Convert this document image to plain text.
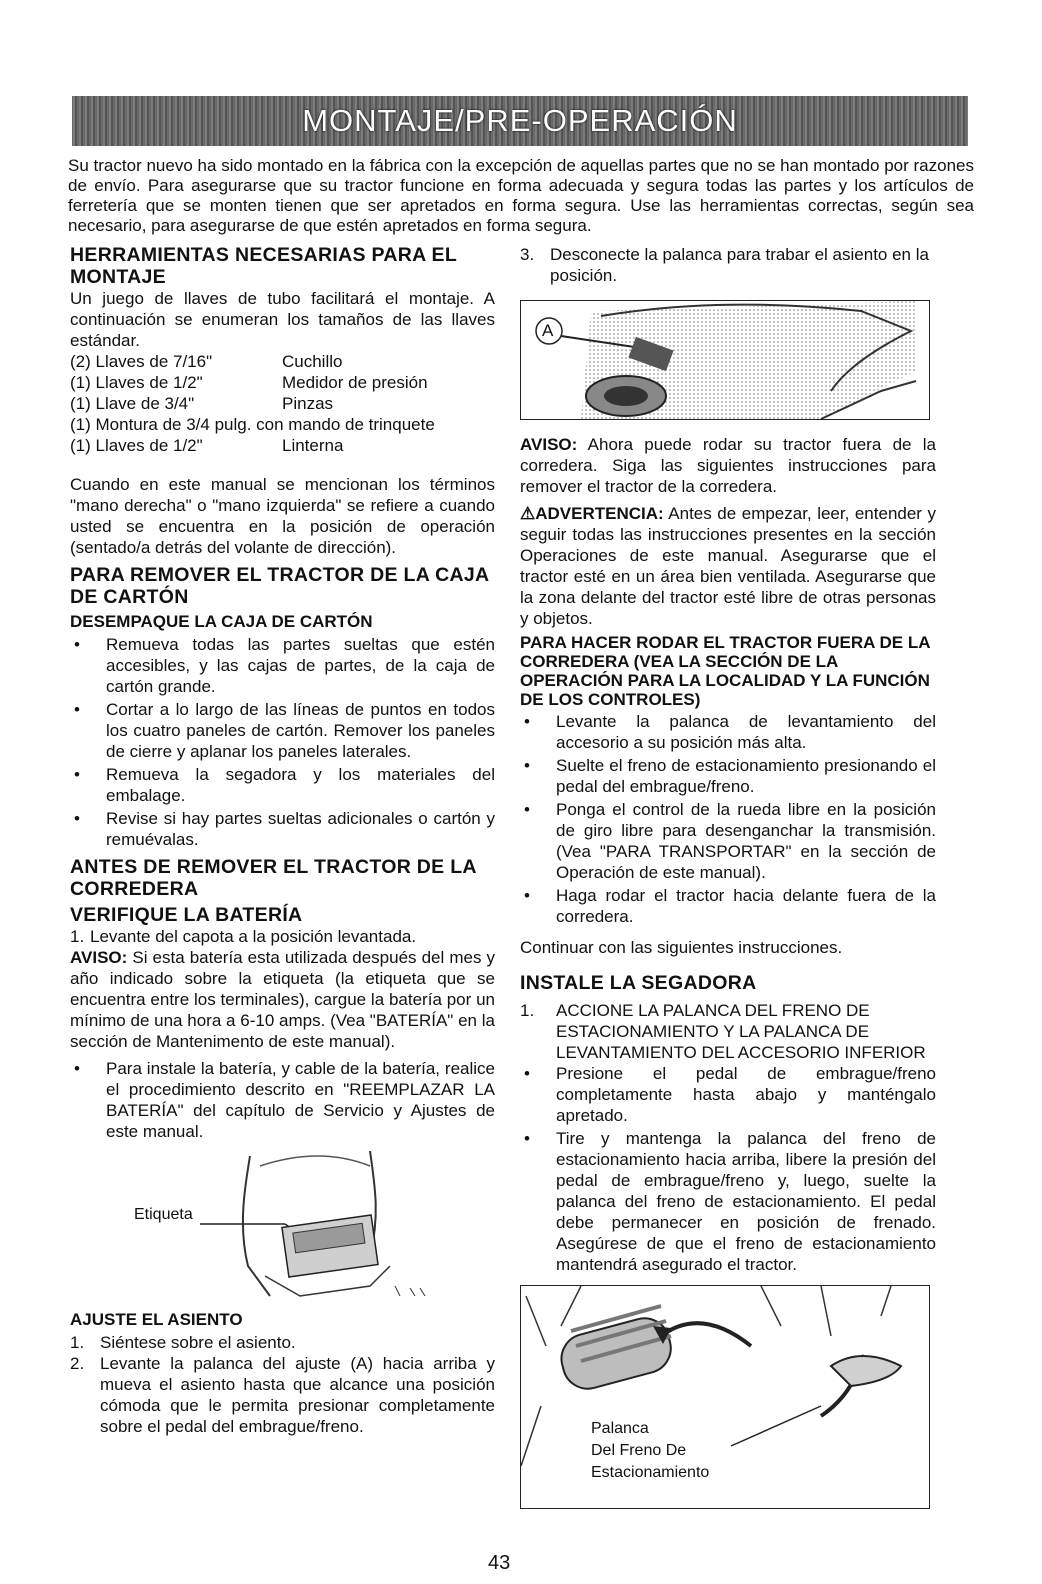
MONTAJE/PRE-OPERACIÓN

Su tractor nuevo ha sido montado en la fábrica con la excepción de aquellas partes que no se han montado por razones de envío. Para asegurarse que su tractor funcione en forma adecuada y segura todas las partes y los artículos de ferretería que se monten tienen que ser apretados en forma segura. Use las herramientas correctas, según sea necesario, para asegurarse de que estén apretados en forma segura.

HERRAMIENTAS NECESARIAS PARA EL MONTAJE

Un juego de llaves de tubo facilitará el montaje. A continuación se enumeran los tamaños de las llaves estándar.

(2) Llaves de 7/16"	Cuchillo
(1) Llaves de 1/2"	Medidor de presión
(1) Llave de 3/4"	Pinzas
(1) Montura de 3/4 pulg. con mando de trinquete	
(1) Llaves de 1/2"	Linterna

Cuando en este manual se mencionan los términos "mano derecha" o "mano izquierda" se refiere a cuando usted se encuentra en la posición de operación (sentado/a detrás del volante de dirección).

PARA REMOVER EL TRACTOR DE LA CAJA DE CARTÓN
DESEMPAQUE LA CAJA DE CARTÓN
• Remueva todas las partes sueltas que estén accesibles, y las cajas de partes, de la caja de cartón grande.
• Cortar a lo largo de las líneas de puntos en todos los cuatro paneles de cartón. Remover los paneles de cierre y aplanar los paneles laterales.
• Remueva la segadora y los materiales del embalage.
• Revise si hay partes sueltas adicionales o cartón y remuévalas.
ANTES DE REMOVER EL TRACTOR DE LA CORREDERA
VERIFIQUE LA BATERÍA
1. Levante del capota a la posición levantada.

AVISO: Si esta batería esta utilizada después del mes y año indicado sobre la etiqueta (la etiqueta que se encuentra entre los terminales), cargue la batería por un mínimo de una hora a 6-10 amps. (Vea "BATERÍA" en la sección de Mantenimento de este manual).

• Para instale la batería, y cable de la batería, realice el procedimiento descrito en "REEMPLAZAR LA BATERÍA" del capítulo de Servicio y Ajustes de este manual.
Etiqueta
AJUSTE EL ASIENTO
1. Siéntese sobre el asiento.
2. Levante la palanca del ajuste (A) hacia arriba y mueva el asiento hasta que alcance una posición cómoda que le permita presionar completamente sobre el pedal del embrague/freno.
3. Desconecte la palanca para trabar el asiento en la posición.
A

AVISO: Ahora puede rodar su tractor fuera de la corredera. Siga las siguientes instrucciones para remover el tractor de la corredera.

⚠ADVERTENCIA: Antes de empezar, leer, entender y seguir todas las instrucciones presentes en la sección Operaciones de este manual. Asegurarse que el tractor esté en un área bien ventilada. Asegurarse que la zona delante del tractor esté libre de otras personas y objetos.

PARA HACER RODAR EL TRACTOR FUERA DE LA CORREDERA (VEA LA SECCIÓN DE LA OPERACIÓN PARA LA LOCALIDAD Y LA FUNCIÓN DE LOS CONTROLES)
• Levante la palanca de levantamiento del accesorio a su posición más alta.
• Suelte el freno de estacionamiento presionando el pedal del embrague/freno.
• Ponga el control de la rueda libre en la posición de giro libre para desenganchar la transmisión. (Vea "PARA TRANSPORTAR" en la sección de Operación de este manual).
• Haga rodar el tractor hacia delante fuera de la corredera.

Continuar con las siguientes instrucciones.

INSTALE LA SEGADORA
1. ACCIONE LA PALANCA DEL FRENO DE ESTACIONAMIENTO Y LA PALANCA DE LEVANTAMIENTO DEL ACCESORIO INFERIOR
• Presione el pedal de embrague/freno completamente hasta abajo y manténgalo apretado.
• Tire y mantenga la palanca del freno de estacionamiento hacia arriba, libere la presión del pedal de embrague/freno y, luego, suelte la palanca del freno de estacionamiento. El pedal debe permanecer en posición de frenado. Asegúrese de que el freno de estacionamiento mantendrá asegurado el tractor.
Palanca
Del Freno De
Estacionamiento
43
